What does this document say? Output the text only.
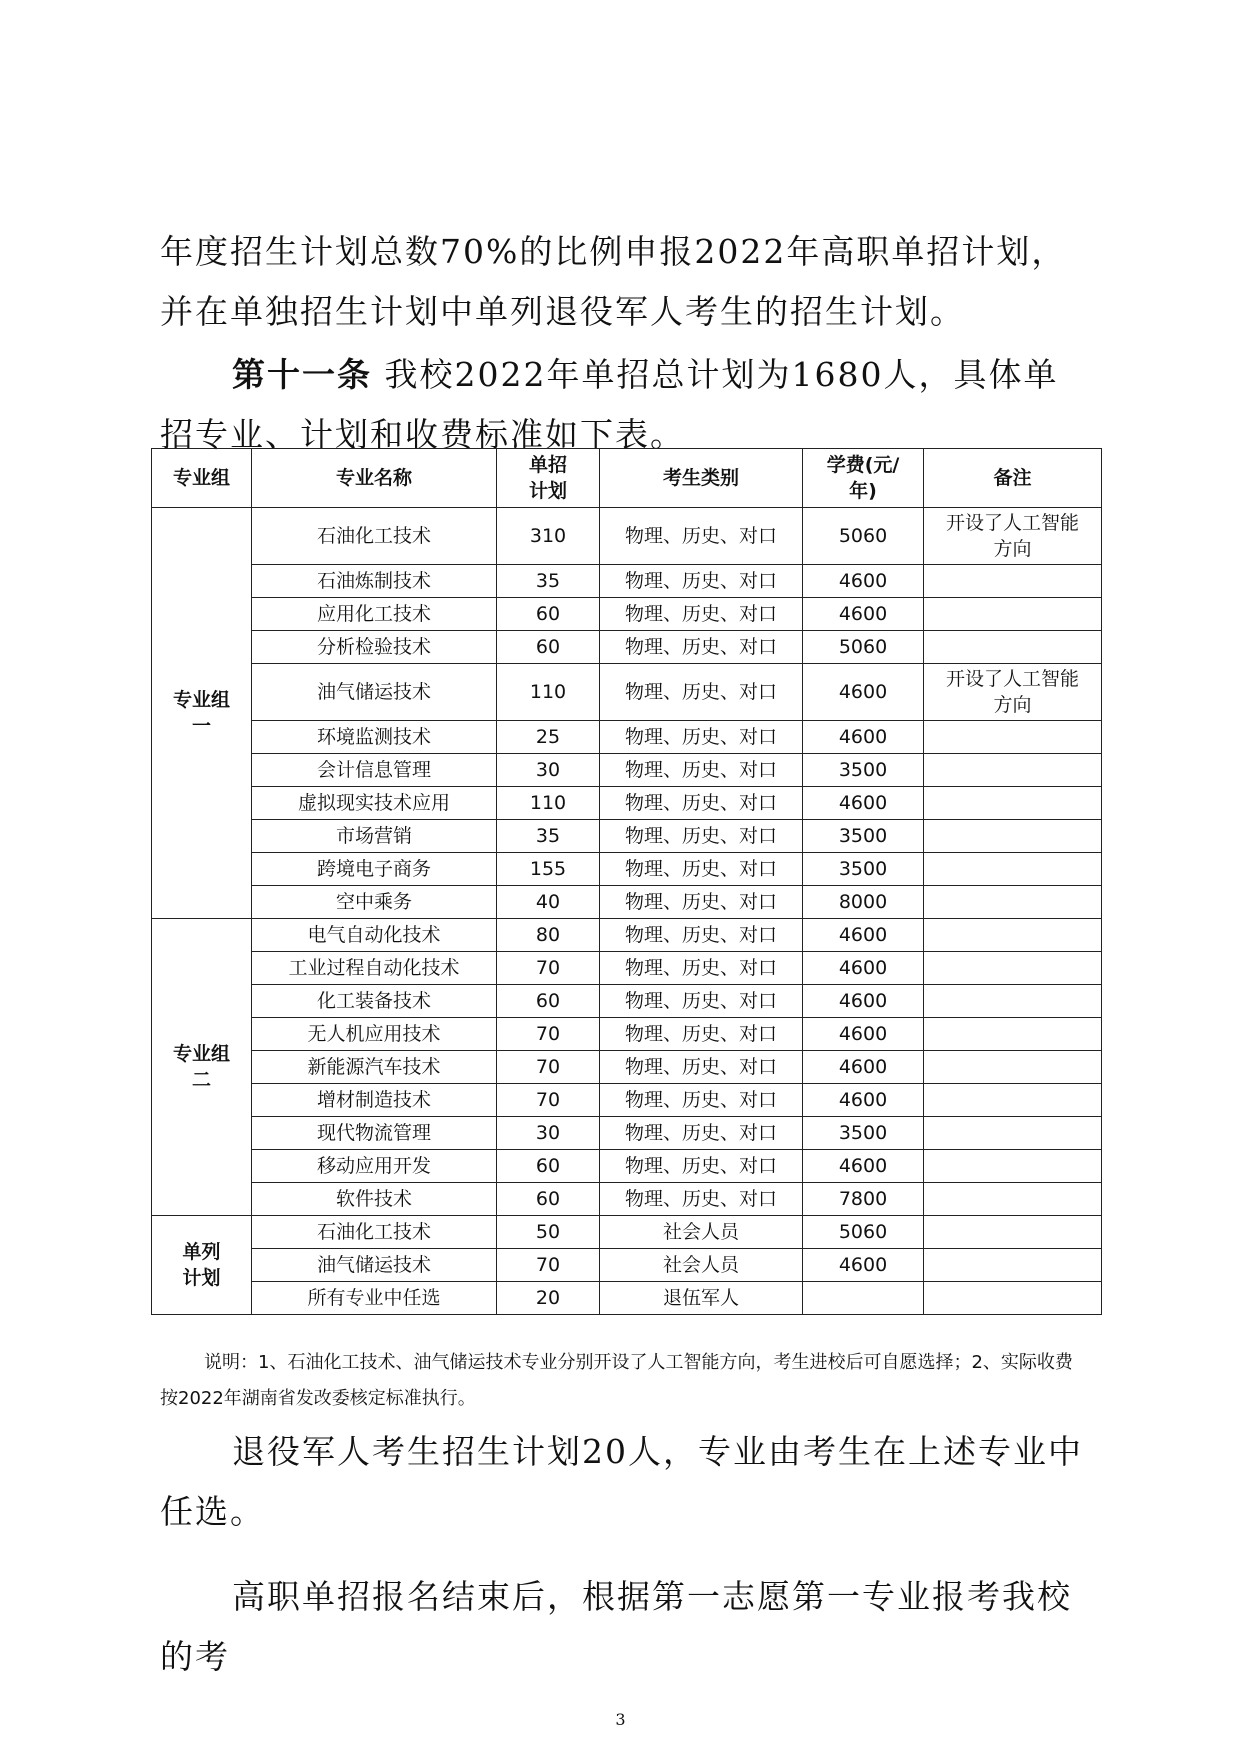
年度招生计划总数70%的比例申报2022年高职单招计划，并在单独招生计划中单列退役军人考生的招生计划。

第十一条 我校2022年单招总计划为1680人，具体单招专业、计划和收费标准如下表。

专业组	专业名称	单招计划	考生类别	学费(元/年)	备注
专业组一	石油化工技术	310	物理、历史、对口	5060	开设了人工智能方向
	石油炼制技术	35	物理、历史、对口	4600	
	应用化工技术	60	物理、历史、对口	4600	
	分析检验技术	60	物理、历史、对口	5060	
	油气储运技术	110	物理、历史、对口	4600	开设了人工智能方向
	环境监测技术	25	物理、历史、对口	4600	
	会计信息管理	30	物理、历史、对口	3500	
	虚拟现实技术应用	110	物理、历史、对口	4600	
	市场营销	35	物理、历史、对口	3500	
	跨境电子商务	155	物理、历史、对口	3500	
	空中乘务	40	物理、历史、对口	8000	
专业组二	电气自动化技术	80	物理、历史、对口	4600	
	工业过程自动化技术	70	物理、历史、对口	4600	
	化工装备技术	60	物理、历史、对口	4600	
	无人机应用技术	70	物理、历史、对口	4600	
	新能源汽车技术	70	物理、历史、对口	4600	
	增材制造技术	70	物理、历史、对口	4600	
	现代物流管理	30	物理、历史、对口	3500	
	移动应用开发	60	物理、历史、对口	4600	
	软件技术	60	物理、历史、对口	7800	
单列计划	石油化工技术	50	社会人员	5060	
	油气储运技术	70	社会人员	4600	
	所有专业中任选	20	退伍军人		

说明：1、石油化工技术、油气储运技术专业分别开设了人工智能方向，考生进校后可自愿选择；2、实际收费按2022年湖南省发改委核定标准执行。

退役军人考生招生计划20人，专业由考生在上述专业中任选。

高职单招报名结束后，根据第一志愿第一专业报考我校的考

3
